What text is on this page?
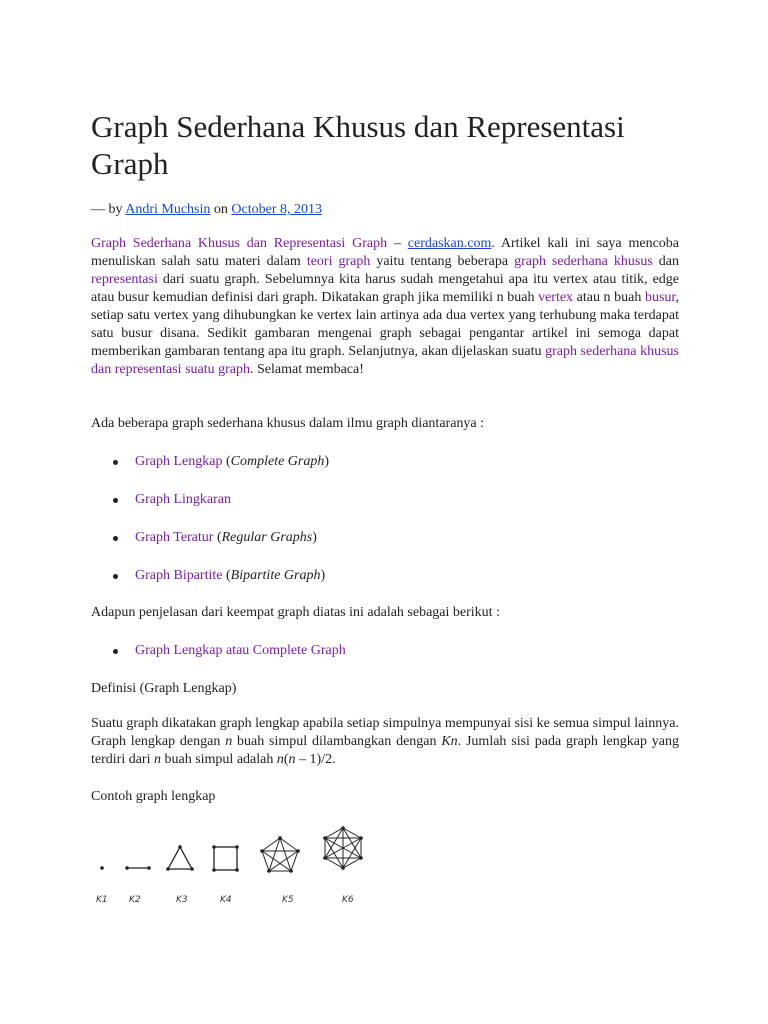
Graph Sederhana Khusus dan Representasi Graph
— by Andri Muchsin on October 8, 2013

Graph Sederhana Khusus dan Representasi Graph – cerdaskan.com. Artikel kali ini saya mencoba menuliskan salah satu materi dalam teori graph yaitu tentang beberapa graph sederhana khusus dan representasi dari suatu graph. Sebelumnya kita harus sudah mengetahui apa itu vertex atau titik, edge atau busur kemudian definisi dari graph. Dikatakan graph jika memiliki n buah vertex atau n buah busur, setiap satu vertex yang dihubungkan ke vertex lain artinya ada dua vertex yang terhubung maka terdapat satu busur disana. Sedikit gambaran mengenai graph sebagai pengantar artikel ini semoga dapat memberikan gambaran tentang apa itu graph. Selanjutnya, akan dijelaskan suatu graph sederhana khusus dan representasi suatu graph. Selamat membaca!

Ada beberapa graph sederhana khusus dalam ilmu graph diantaranya :

Graph Lengkap (Complete Graph)
Graph Lingkaran
Graph Teratur (Regular Graphs)
Graph Bipartite (Bipartite Graph)

Adapun penjelasan dari keempat graph diatas ini adalah sebagai berikut :

Graph Lengkap atau Complete Graph

Definisi (Graph Lengkap)

Suatu graph dikatakan graph lengkap apabila setiap simpulnya mempunyai sisi ke semua simpul lainnya. Graph lengkap dengan n buah simpul dilambangkan dengan Kn. Jumlah sisi pada graph lengkap yang terdiri dari n buah simpul adalah n(n – 1)/2.

Contoh graph lengkap

K1 K2	K3	K4	K5	K6
